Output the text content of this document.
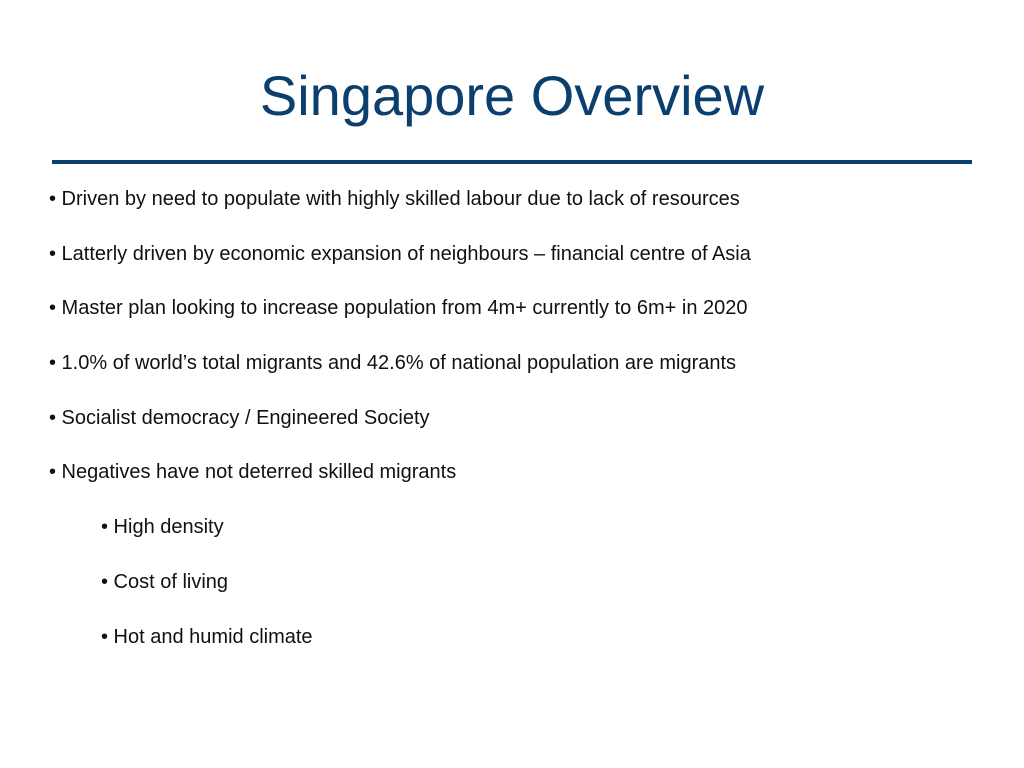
Singapore Overview
• Driven by need to populate with highly skilled labour due to lack of resources
• Latterly driven by economic expansion of neighbours – financial centre of Asia
• Master plan looking to increase population from 4m+ currently to 6m+ in 2020
• 1.0% of world’s total migrants and 42.6% of national population are migrants
• Socialist democracy / Engineered Society
• Negatives have not deterred skilled migrants
• High density
• Cost of living
• Hot and humid climate
